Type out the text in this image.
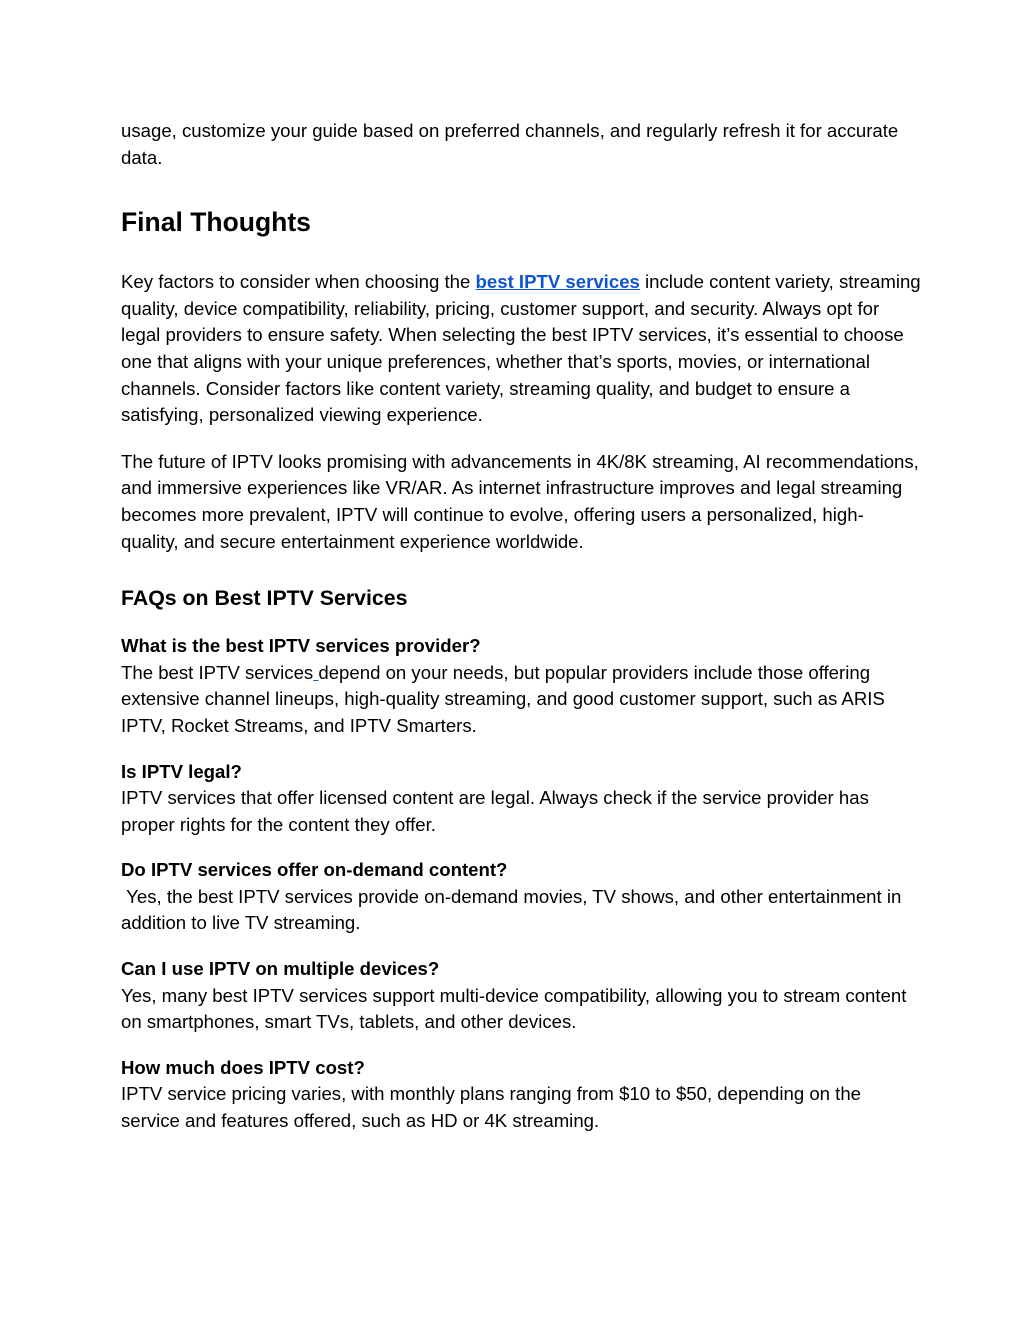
usage, customize your guide based on preferred channels, and regularly refresh it for accurate data.

Final Thoughts

Key factors to consider when choosing the best IPTV services include content variety, streaming quality, device compatibility, reliability, pricing, customer support, and security. Always opt for legal providers to ensure safety. When selecting the best IPTV services, it’s essential to choose one that aligns with your unique preferences, whether that’s sports, movies, or international channels. Consider factors like content variety, streaming quality, and budget to ensure a satisfying, personalized viewing experience.

The future of IPTV looks promising with advancements in 4K/8K streaming, AI recommendations, and immersive experiences like VR/AR. As internet infrastructure improves and legal streaming becomes more prevalent, IPTV will continue to evolve, offering users a personalized, high-quality, and secure entertainment experience worldwide.

FAQs on Best IPTV Services
What is the best IPTV services provider?

The best IPTV services depend on your needs, but popular providers include those offering extensive channel lineups, high-quality streaming, and good customer support, such as ARIS IPTV, Rocket Streams, and IPTV Smarters.

Is IPTV legal?

IPTV services that offer licensed content are legal. Always check if the service provider has proper rights for the content they offer.

Do IPTV services offer on-demand content?

Yes, the best IPTV services provide on-demand movies, TV shows, and other entertainment in addition to live TV streaming.

Can I use IPTV on multiple devices?

Yes, many best IPTV services support multi-device compatibility, allowing you to stream content on smartphones, smart TVs, tablets, and other devices.

How much does IPTV cost?

IPTV service pricing varies, with monthly plans ranging from $10 to $50, depending on the service and features offered, such as HD or 4K streaming.
